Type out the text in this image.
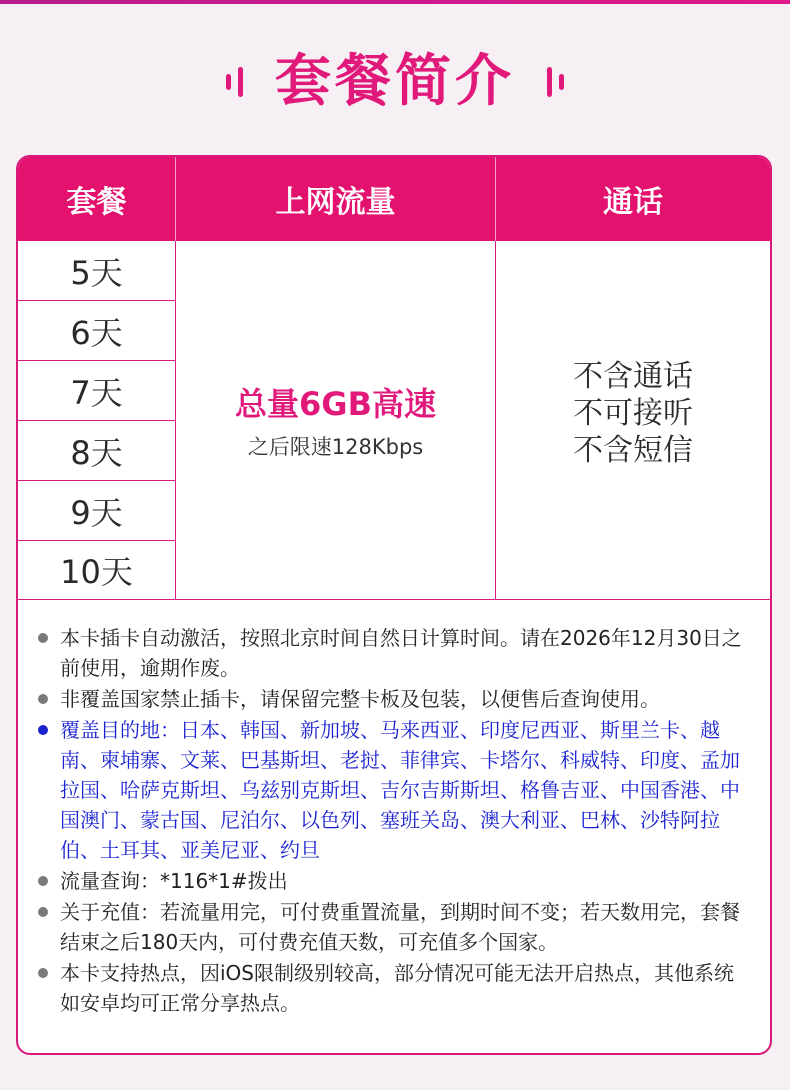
套餐简介
套餐	上网流量	通话
5天
6天
7天
8天
9天
10天
总量6GB高速
之后限速128Kbps
不含通话
不可接听
不含短信
本卡插卡自动激活，按照北京时间自然日计算时间。请在2026年12月30日之前使用，逾期作废。
非覆盖国家禁止插卡，请保留完整卡板及包装，以便售后查询使用。
覆盖目的地：日本、韩国、新加坡、马来西亚、印度尼西亚、斯里兰卡、越南、柬埔寨、文莱、巴基斯坦、老挝、菲律宾、卡塔尔、科威特、印度、孟加拉国、哈萨克斯坦、乌兹别克斯坦、吉尔吉斯斯坦、格鲁吉亚、中国香港、中国澳门、蒙古国、尼泊尔、以色列、塞班关岛、澳大利亚、巴林、沙特阿拉伯、土耳其、亚美尼亚、约旦
流量查询：*116*1#拨出
关于充值：若流量用完，可付费重置流量，到期时间不变；若天数用完，套餐结束之后180天内，可付费充值天数，可充值多个国家。
本卡支持热点，因iOS限制级别较高，部分情况可能无法开启热点，其他系统如安卓均可正常分享热点。
